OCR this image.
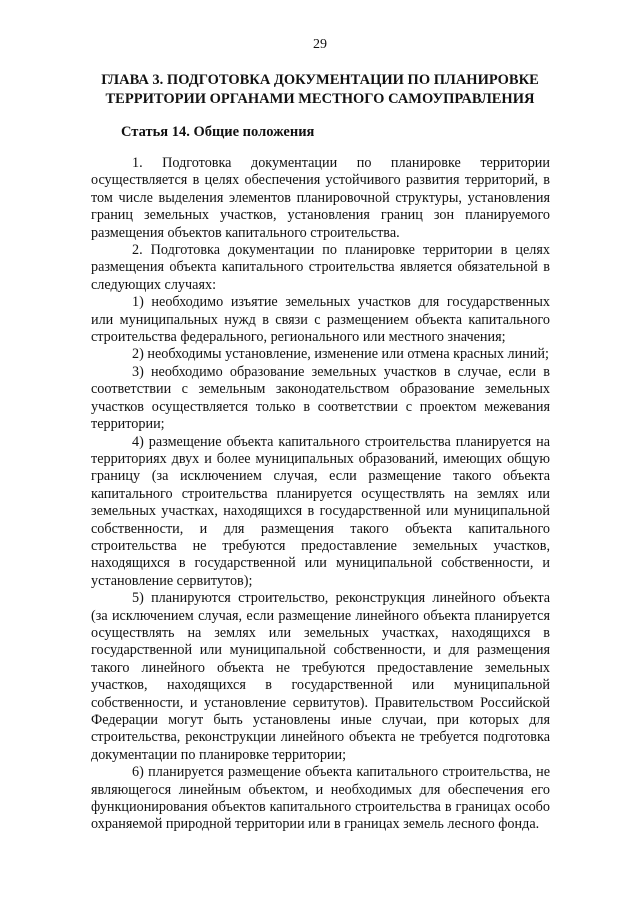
29
ГЛАВА 3. ПОДГОТОВКА ДОКУМЕНТАЦИИ ПО ПЛАНИРОВКЕ ТЕРРИТОРИИ ОРГАНАМИ МЕСТНОГО САМОУПРАВЛЕНИЯ
Статья 14. Общие положения

1. Подготовка документации по планировке территории осуществляется в целях обеспечения устойчивого развития территорий, в том числе выделения элементов планировочной структуры, установления границ земельных участков, установления границ зон планируемого размещения объектов капитального строительства.

2. Подготовка документации по планировке территории в целях размещения объекта капитального строительства является обязательной в следующих случаях:

1) необходимо изъятие земельных участков для государственных или муниципальных нужд в связи с размещением объекта капитального строительства федерального, регионального или местного значения;

2) необходимы установление, изменение или отмена красных линий;

3) необходимо образование земельных участков в случае, если в соответствии с земельным законодательством образование земельных участков осуществляется только в соответствии с проектом межевания территории;

4) размещение объекта капитального строительства планируется на территориях двух и более муниципальных образований, имеющих общую границу (за исключением случая, если размещение такого объекта капитального строительства планируется осуществлять на землях или земельных участках, находящихся в государственной или муниципальной собственности, и для размещения такого объекта капитального строительства не требуются предоставление земельных участков, находящихся в государственной или муниципальной собственности, и установление сервитутов);

5) планируются строительство, реконструкция линейного объекта (за исключением случая, если размещение линейного объекта планируется осуществлять на землях или земельных участках, находящихся в государственной или муниципальной собственности, и для размещения такого линейного объекта не требуются предоставление земельных участков, находящихся в государственной или муниципальной собственности, и установление сервитутов). Правительством Российской Федерации могут быть установлены иные случаи, при которых для строительства, реконструкции линейного объекта не требуется подготовка документации по планировке территории;

6) планируется размещение объекта капитального строительства, не являющегося линейным объектом, и необходимых для обеспечения его функционирования объектов капитального строительства в границах особо охраняемой природной территории или в границах земель лесного фонда.
